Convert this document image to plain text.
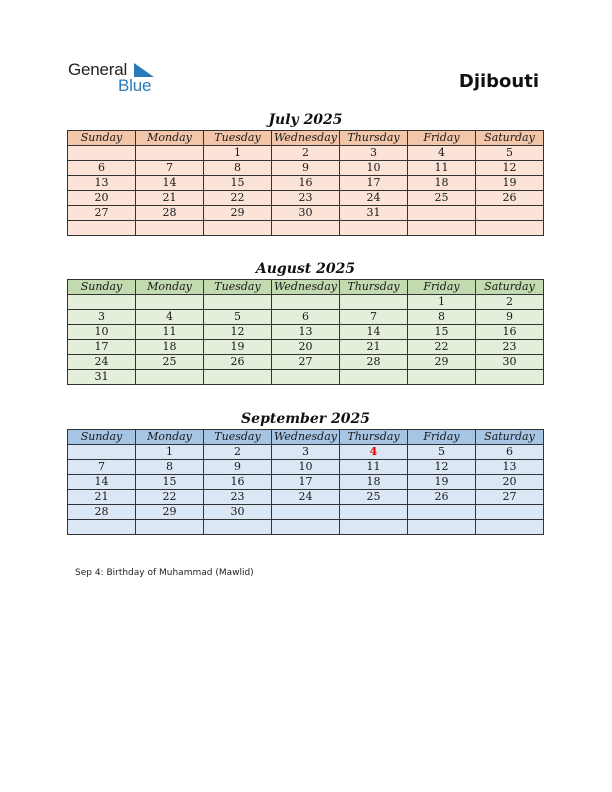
General
Blue	Djibouti
July 2025
Sunday	Monday	Tuesday	Wednesday	Thursday	Friday	Saturday
		1	2	3	4	5
6	7	8	9	10	11	12
13	14	15	16	17	18	19
20	21	22	23	24	25	26
27	28	29	30	31		

August 2025
Sunday	Monday	Tuesday	Wednesday	Thursday	Friday	Saturday
					1	2
3	4	5	6	7	8	9
10	11	12	13	14	15	16
17	18	19	20	21	22	23
24	25	26	27	28	29	30
31						
September 2025
Sunday	Monday	Tuesday	Wednesday	Thursday	Friday	Saturday
	1	2	3	4	5	6
7	8	9	10	11	12	13
14	15	16	17	18	19	20
21	22	23	24	25	26	27
28	29	30				

Sep 4: Birthday of Muhammad (Mawlid)
